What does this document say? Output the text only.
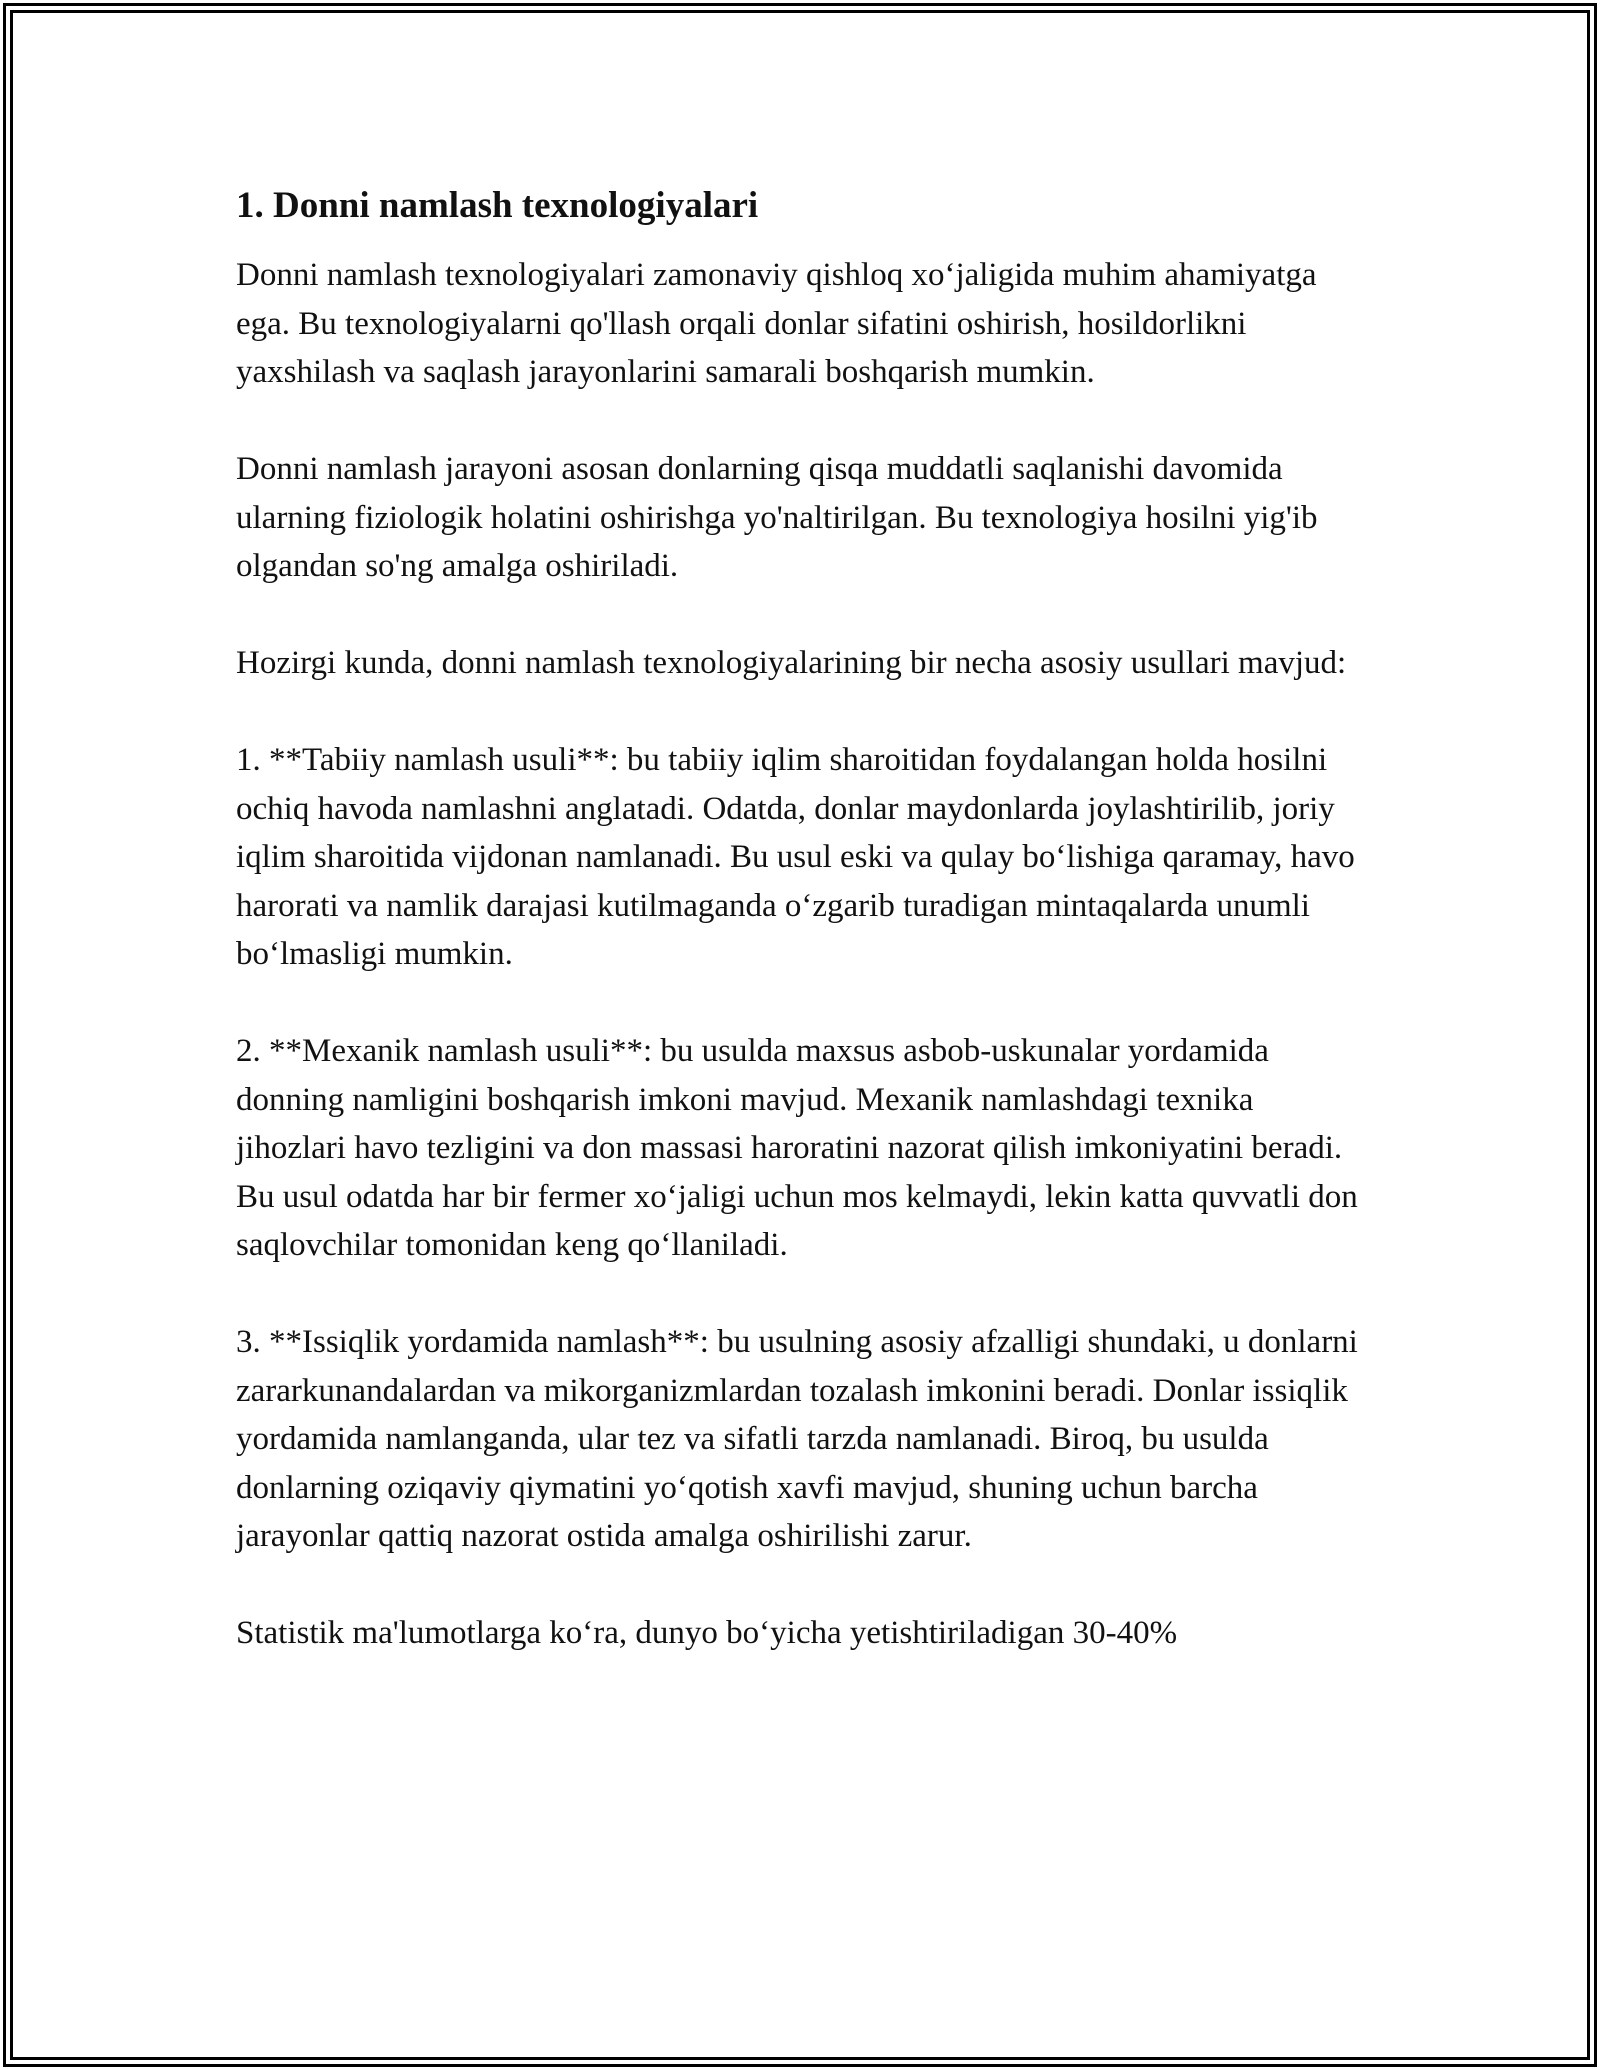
1. Donni namlash texnologiyalari

Donni namlash texnologiyalari zamonaviy qishloq xo‘jaligida muhim ahamiyatga ega. Bu texnologiyalarni qo'llash orqali donlar sifatini oshirish, hosildorlikni yaxshilash va saqlash jarayonlarini samarali boshqarish mumkin.

Donni namlash jarayoni asosan donlarning qisqa muddatli saqlanishi davomida ularning fiziologik holatini oshirishga yo'naltirilgan. Bu texnologiya hosilni yig'ib olgandan so'ng amalga oshiriladi.

Hozirgi kunda, donni namlash texnologiyalarining bir necha asosiy usullari mavjud:

1. **Tabiiy namlash usuli**: bu tabiiy iqlim sharoitidan foydalangan holda hosilni ochiq havoda namlashni anglatadi. Odatda, donlar maydonlarda joylashtirilib, joriy iqlim sharoitida vijdonan namlanadi. Bu usul eski va qulay bo‘lishiga qaramay, havo harorati va namlik darajasi kutilmaganda o‘zgarib turadigan mintaqalarda unumli bo‘lmasligi mumkin.

2. **Mexanik namlash usuli**: bu usulda maxsus asbob-uskunalar yordamida donning namligini boshqarish imkoni mavjud. Mexanik namlashdagi texnika jihozlari havo tezligini va don massasi haroratini nazorat qilish imkoniyatini beradi. Bu usul odatda har bir fermer xo‘jaligi uchun mos kelmaydi, lekin katta quvvatli don saqlovchilar tomonidan keng qo‘llaniladi.

3. **Issiqlik yordamida namlash**: bu usulning asosiy afzalligi shundaki, u donlarni zararkunandalardan va mikorganizmlardan tozalash imkonini beradi. Donlar issiqlik yordamida namlanganda, ular tez va sifatli tarzda namlanadi. Biroq, bu usulda donlarning oziqaviy qiymatini yo‘qotish xavfi mavjud, shuning uchun barcha jarayonlar qattiq nazorat ostida amalga oshirilishi zarur.

Statistik ma'lumotlarga ko‘ra, dunyo bo‘yicha yetishtiriladigan 30-40%
